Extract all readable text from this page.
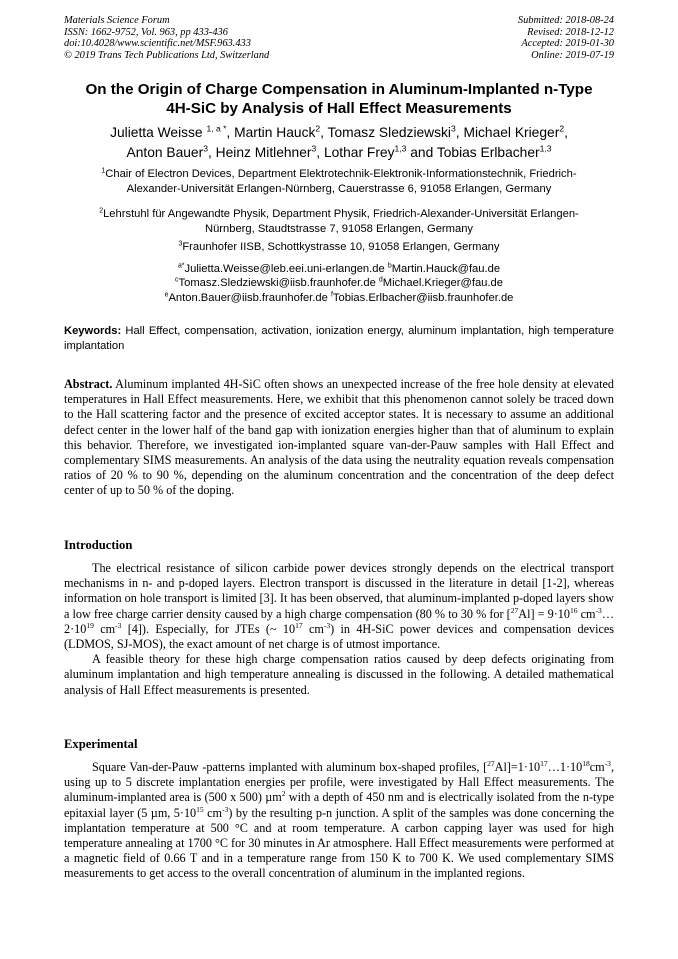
Materials Science Forum
ISSN: 1662-9752, Vol. 963, pp 433-436
doi:10.4028/www.scientific.net/MSF.963.433
© 2019 Trans Tech Publications Ltd, Switzerland
Submitted: 2018-08-24
Revised: 2018-12-12
Accepted: 2019-01-30
Online: 2019-07-19
On the Origin of Charge Compensation in Aluminum-Implanted n-Type
4H-SiC by Analysis of Hall Effect Measurements
Julietta Weisse $^{1, a *}$, Martin Hauck$^2$, Tomasz Sledziewski$^3$, Michael Krieger$^2$,
Anton Bauer$^3$, Heinz Mitlehner$^3$, Lothar Frey$^{1,3}$ and Tobias Erlbacher$^{1,3}$
$^1$Chair of Electron Devices, Department Elektrotechnik-Elektronik-Informationstechnik, Friedrich-
Alexander-Universität Erlangen-Nürnberg, Cauerstrasse 6, 91058 Erlangen, Germany
$^2$Lehrstuhl für Angewandte Physik, Department Physik, Friedrich-Alexander-Universität Erlangen-
Nürnberg, Staudtstrasse 7, 91058 Erlangen, Germany
$^3$Fraunhofer IISB, Schottkystrasse 10, 91058 Erlangen, Germany
$^{a*}$Julietta.Weisse@leb.eei.uni-erlangen.de $^b$Martin.Hauck@fau.de
$^c$Tomasz.Sledziewski@iisb.fraunhofer.de $^d$Michael.Krieger@fau.de
$^e$Anton.Bauer@iisb.fraunhofer.de $^f$Tobias.Erlbacher@iisb.fraunhofer.de
Keywords: Hall Effect, compensation, activation, ionization energy, aluminum implantation, high temperature implantation
Abstract. Aluminum implanted 4H-SiC often shows an unexpected increase of the free hole density at elevated temperatures in Hall Effect measurements. Here, we exhibit that this phenomenon cannot solely be traced down to the Hall scattering factor and the presence of excited acceptor states. It is necessary to assume an additional defect center in the lower half of the band gap with ionization energies higher than that of aluminum to explain this behavior. Therefore, we investigated ion-implanted square van-der-Pauw samples with Hall Effect and complementary SIMS measurements. An analysis of the data using the neutrality equation reveals compensation ratios of 20 % to 90 %, depending on the aluminum concentration and the concentration of the deep defect center of up to 50 % of the doping.
Introduction

The electrical resistance of silicon carbide power devices strongly depends on the electrical transport mechanisms in n- and p-doped layers. Electron transport is discussed in the literature in detail [1-2], whereas information on hole transport is limited [3]. It has been observed, that aluminum-implanted p-doped layers show a low free charge carrier density caused by a high charge compensation (80 % to 30 % for $[^{27}Al] = 9\cdot 10^{16}$ $cm^{-3}\dots 2\cdot 10^{19}$ $cm^{-3}$ [4]). Especially, for JTEs (~ $10^{17}$ $cm^{-3}$) in 4H-SiC power devices and compensation devices (LDMOS, SJ-MOS), the exact amount of net charge is of utmost importance.

A feasible theory for these high charge compensation ratios caused by deep defects originating from aluminum implantation and high temperature annealing is discussed in the following. A detailed mathematical analysis of Hall Effect measurements is presented.

Experimental

Square Van-der-Pauw -patterns implanted with aluminum box-shaped profiles, $[^{27}Al]=1\cdot 10^{17}\dots 1\cdot 10^{18}cm^{-3}$, using up to 5 discrete implantation energies per profile, were investigated by Hall Effect measurements. The aluminum-implanted area is (500 x 500) µm$^2$ with a depth of 450 nm and is electrically isolated from the n-type epitaxial layer (5 µm, $5\cdot 10^{15}$ $cm^{-3}$) by the resulting p-n junction. A split of the samples was done concerning the implantation temperature at 500 °C and at room temperature. A carbon capping layer was used for high temperature annealing at 1700 °C for 30 minutes in Ar atmosphere. Hall Effect measurements were performed at a magnetic field of 0.66 T and in a temperature range from 150 K to 700 K. We used complementary SIMS measurements to get access to the overall concentration of aluminum in the implanted regions.
